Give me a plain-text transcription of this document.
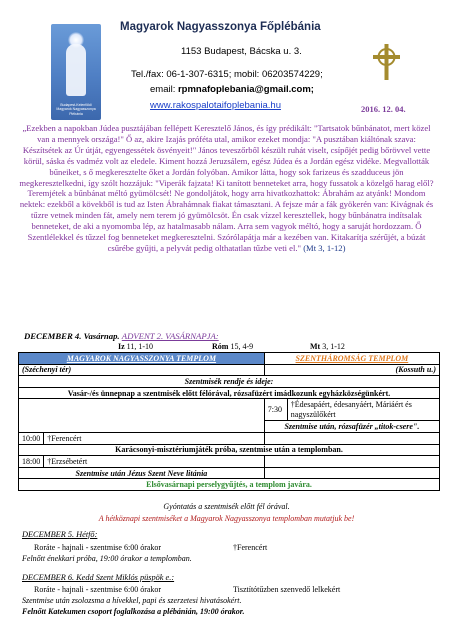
Budapest-Kelenföldi
Magyarok Nagyasszonya
Plébánia
Magyarok Nagyasszonya Főplébánia
1153 Budapest, Bácska u. 3.
Tel./fax: 06-1-307-6315; mobil: 06203574229;
email: rpmnafoplebania@gmail.com;
www.rakospalotaifoplebania.hu	2016. 12. 04.
„Ezekben a napokban Júdea pusztájában fellépett Keresztelő János, és így prédikált: "Tartsatok bűnbánatot, mert közel van a mennyek országa!" Ő az, akire Izajás próféta utal, amikor ezeket mondja: "A pusztában kiáltónak szava: Készítsétek az Úr útját, egyengessétek ösvényeit!" János teveszőrből készült ruhát viselt, csípőjét pedig bőrövvel vette körül, sáska és vadméz volt az eledele. Kiment hozzá Jeruzsálem, egész Júdea és a Jordán egész vidéke. Megvallották bűneiket, s ő megkeresztelte őket a Jordán folyóban. Amikor látta, hogy sok farizeus és szadduceus jön megkeresztelkedni, így szólt hozzájuk: "Viperák fajzata! Ki tanított benneteket arra, hogy fussatok a közelgő harag elől? Teremjétek a bűnbánat méltó gyümölcsét! Ne gondoljátok, hogy arra hivatkozhattok: Ábrahám az atyánk! Mondom nektek: ezekből a kövekből is tud az Isten Ábrahámnak fiakat támasztani. A fejsze már a fák gyökerén van: Kivágnak és tűzre vetnek minden fát, amely nem terem jó gyümölcsöt. Én csak vízzel keresztellek, hogy bűnbánatra indítsalak benneteket, de aki a nyomomba lép, az hatalmasabb nálam. Arra sem vagyok méltó, hogy a saruját hordozzam. Ő Szentlélekkel és tűzzel fog benneteket megkeresztelni. Szórólapátja már a kezében van. Kitakarítja szérűjét, a búzát csűrébe gyűjti, a pelyvát pedig olthatatlan tűzbe veti el." (Mt 3, 1-12)
DECEMBER 4. Vasárnap. ADVENT 2. VASÁRNAPJA:
Iz 11, 1-10	Róm 15, 4-9	Mt 3, 1-12
MAGYAROK NAGYASSZONYA TEMPLOM		SZENTHÁROMSÁG TEMPLOM	
(Széchenyi tér)		(Kossuth u.)	
Szentmisék rendje és ideje:			
Vasár-/és ünnepnap a szentmisék előtt félórával, rózsafüzért imádkozunk egyházközségünkért.			
		7:30	†Édesapáért, édesanyáért, Máriáért és nagyszülőkért
		Szentmise után, rózsafüzér „titok-csere".	
10:00	†Ferencért		
Karácsonyi-misztériumjáték próba, szentmise után a templomban.			
18:00	†Erzsébetért		
Szentmise után Jézus Szent Neve litánia			
Elsővasárnapi perselygyűjtés, a templom javára.			
Gyóntatás a szentmisék előtt fél órával.
A hétköznapi szentmiséket a Magyarok Nagyasszonya templomban mutatjuk be!
DECEMBER 5. Hétfő:
Roráte - hajnali - szentmise 6:00 órakor	†Ferencért
Felnőtt énekkari próba, 19:00 órakor a templomban.
DECEMBER 6. Kedd Szent Miklós püspök e.:
Roráte - hajnali - szentmise 6:00 órakor	Tisztítótűzben szenvedő lelkekért
Szentmise után zsolozsma a hívekkel, papi és szerzetesi hivatásokért.
Felnőtt Katekumen csoport foglalkozása a plébánián, 19:00 órakor.
